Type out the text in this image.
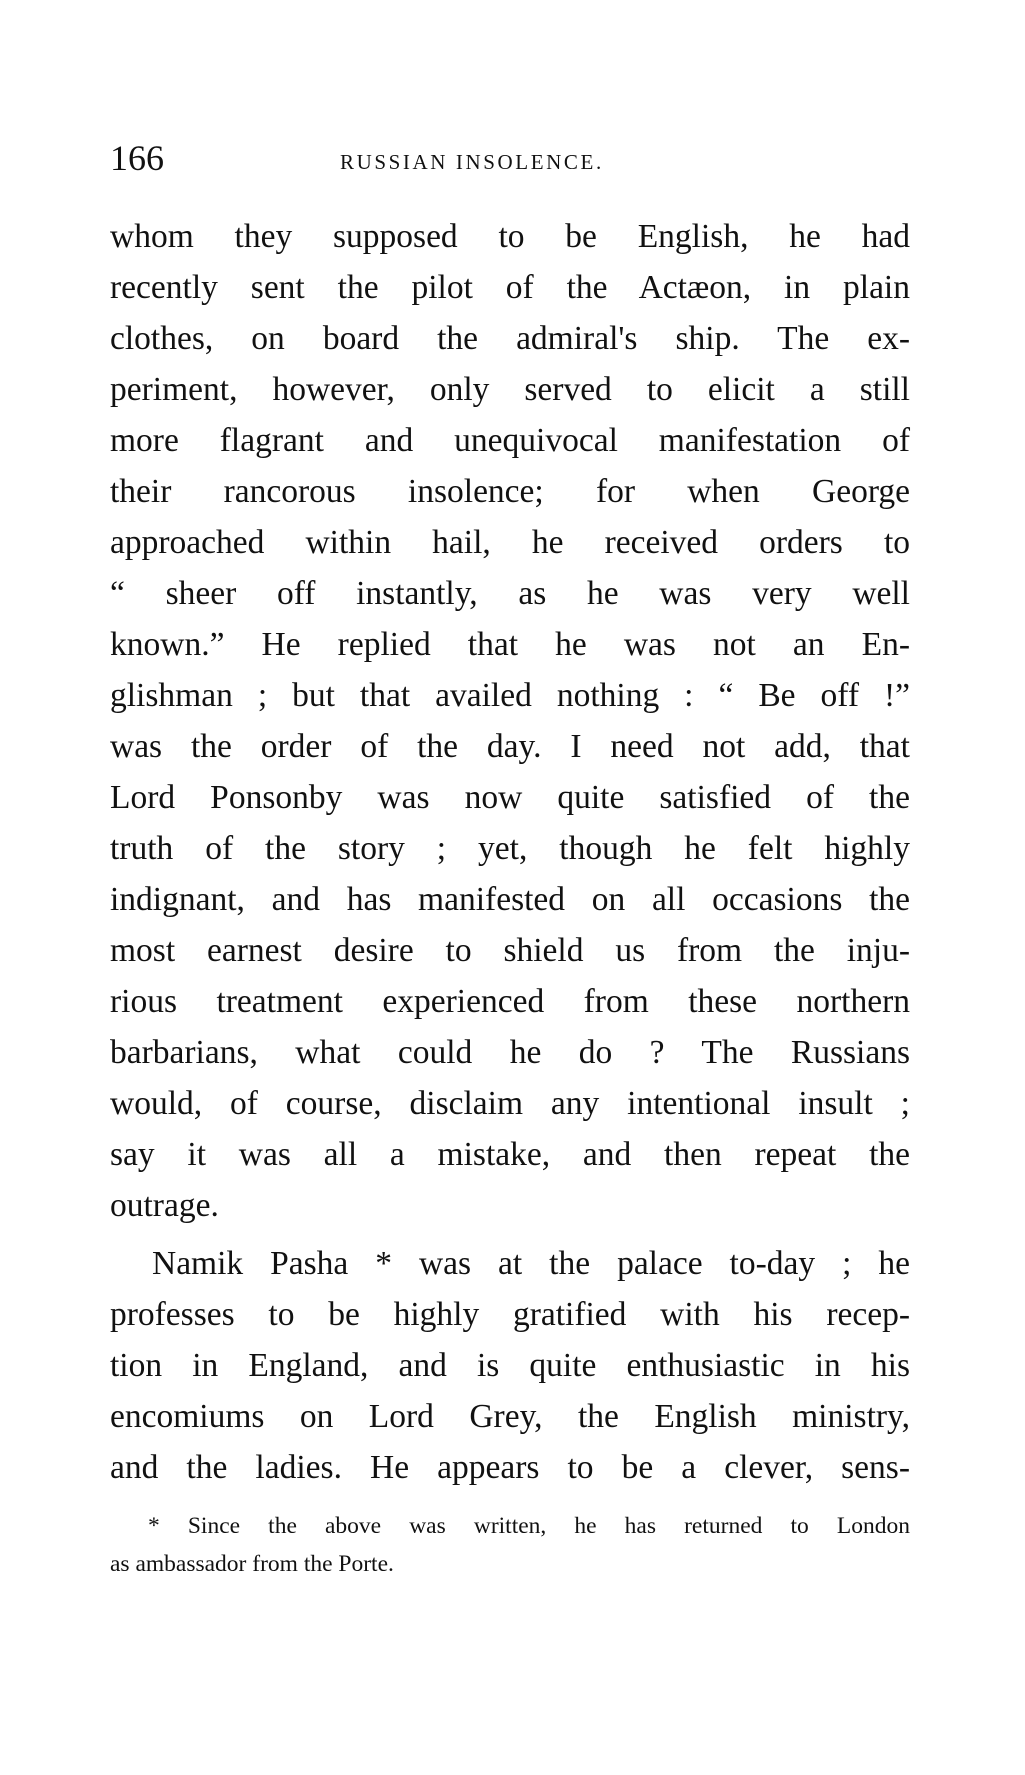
166	RUSSIAN INSOLENCE.
whom they supposed to be English, he had
recently sent the pilot of the Actæon, in plain
clothes, on board the admiral's ship. The ex-
periment, however, only served to elicit a still
more flagrant and unequivocal manifestation of
their rancorous insolence; for when George
approached within hail, he received orders to
“ sheer off instantly, as he was very well
known.” He replied that he was not an En-
glishman ; but that availed nothing : “ Be off !”
was the order of the day. I need not add, that
Lord Ponsonby was now quite satisfied of the
truth of the story ; yet, though he felt highly
indignant, and has manifested on all occasions the
most earnest desire to shield us from the inju-
rious treatment experienced from these northern
barbarians, what could he do ? The Russians
would, of course, disclaim any intentional insult ;
say it was all a mistake, and then repeat the
outrage.
Namik Pasha * was at the palace to-day ; he
professes to be highly gratified with his recep-
tion in England, and is quite enthusiastic in his
encomiums on Lord Grey, the English ministry,
and the ladies. He appears to be a clever, sens-
* Since the above was written, he has returned to London
as ambassador from the Porte.
